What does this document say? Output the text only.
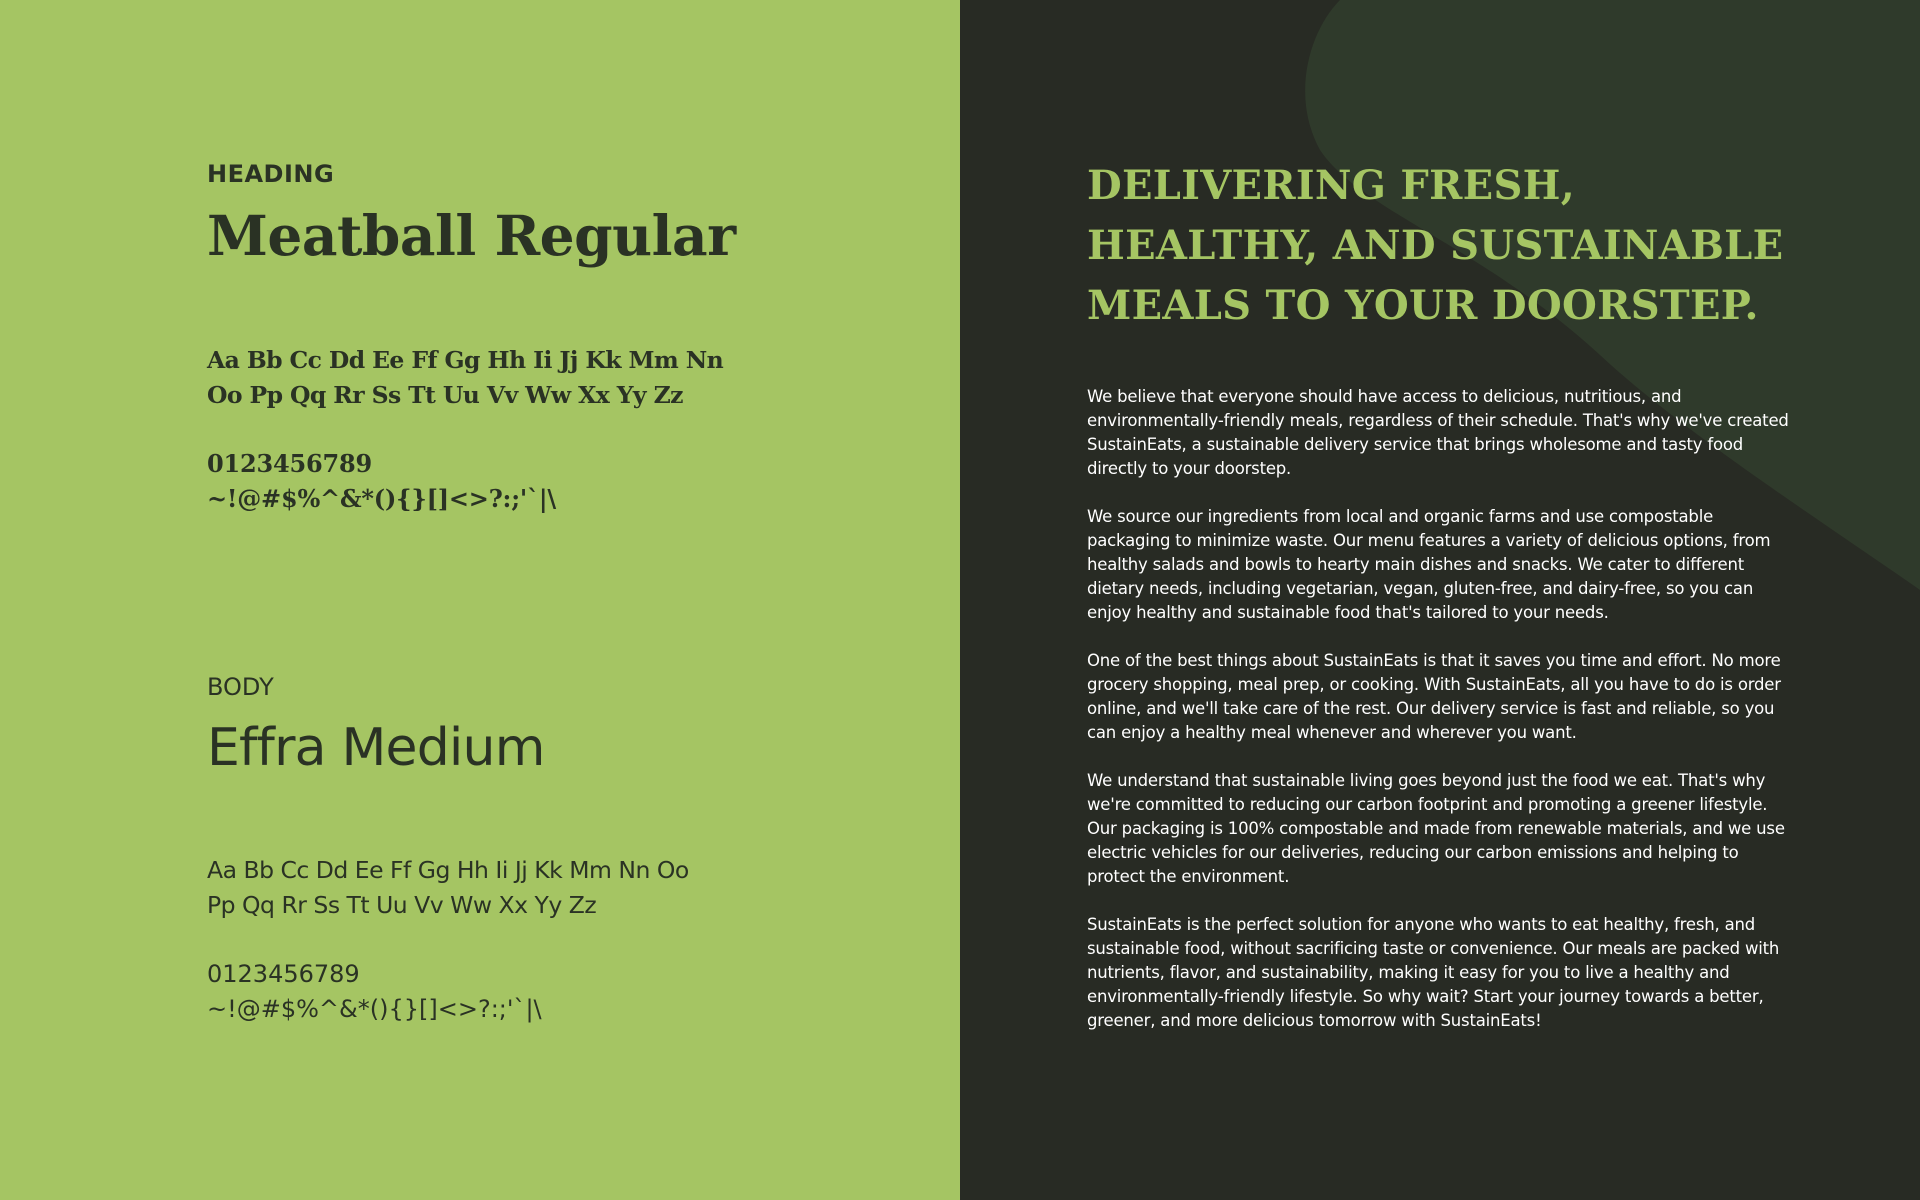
HEADING
Meatball Regular
Aa Bb Cc Dd Ee Ff Gg Hh Ii Jj Kk Mm Nn
Oo Pp Qq Rr Ss Tt Uu Vv Ww Xx Yy Zz
0123456789
~!@#$%^&*(){}[]<>?:;'`|\
BODY
Effra Medium
Aa Bb Cc Dd Ee Ff Gg Hh Ii Jj Kk Mm Nn Oo
Pp Qq Rr Ss Tt Uu Vv Ww Xx Yy Zz
0123456789
~!@#$%^&*(){}[]<>?:;'`|\
DELIVERING FRESH,
HEALTHY, AND SUSTAINABLE
MEALS TO YOUR DOORSTEP.

We believe that everyone should have access to delicious, nutritious, and environmentally-friendly meals, regardless of their schedule. That's why we've created SustainEats, a sustainable delivery service that brings wholesome and tasty food directly to your doorstep.

We source our ingredients from local and organic farms and use compostable packaging to minimize waste. Our menu features a variety of delicious options, from healthy salads and bowls to hearty main dishes and snacks. We cater to different dietary needs, including vegetarian, vegan, gluten-free, and dairy-free, so you can enjoy healthy and sustainable food that's tailored to your needs.

One of the best things about SustainEats is that it saves you time and effort. No more grocery shopping, meal prep, or cooking. With SustainEats, all you have to do is order online, and we'll take care of the rest. Our delivery service is fast and reliable, so you can enjoy a healthy meal whenever and wherever you want.

We understand that sustainable living goes beyond just the food we eat. That's why we're committed to reducing our carbon footprint and promoting a greener lifestyle. Our packaging is 100% compostable and made from renewable materials, and we use electric vehicles for our deliveries, reducing our carbon emissions and helping to protect the environment.

SustainEats is the perfect solution for anyone who wants to eat healthy, fresh, and sustainable food, without sacrificing taste or convenience. Our meals are packed with nutrients, flavor, and sustainability, making it easy for you to live a healthy and environmentally-friendly lifestyle. So why wait? Start your journey towards a better, greener, and more delicious tomorrow with SustainEats!
